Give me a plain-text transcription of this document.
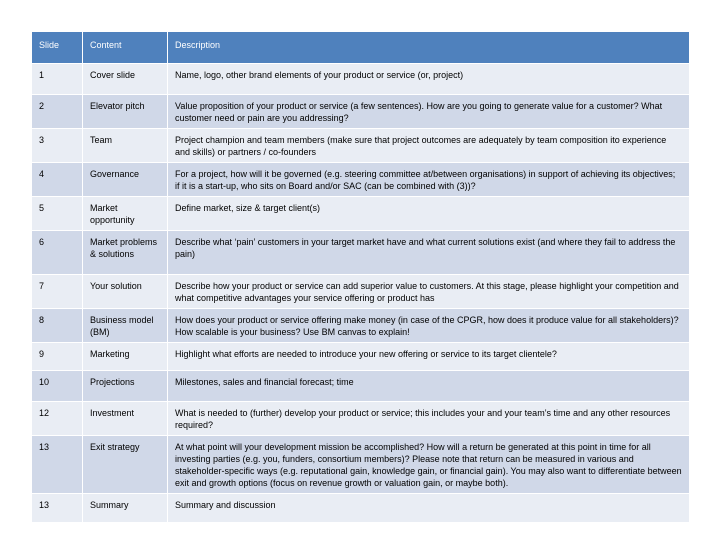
Slide	Content	Description
1	Cover slide	Name, logo, other brand elements of your product or service (or, project)
2	Elevator pitch	Value proposition of your product or service (a few sentences). How are you going to generate value for a customer? What customer need or pain are you addressing?
3	Team	Project champion and team members (make sure that project outcomes are adequately by team composition ito experience and skills) or partners / co-founders
4	Governance	For a project, how will it be governed (e.g. steering committee at/between organisations) in support of achieving its objectives; if it is a start-up, who sits on Board and/or SAC (can be combined with (3))?
5	Market opportunity	Define market, size & target client(s)
6	Market problems & solutions	Describe what ‘pain’ customers in your target market have and what current solutions exist (and where they fail to address the pain)
7	Your solution	Describe how your product or service can add superior value to customers. At this stage, please highlight your competition and what competitive advantages your service offering or product has
8	Business model (BM)	How does your product or service offering make money (in case of the CPGR, how does it produce value for all stakeholders)? How scalable is your business? Use BM canvas to explain!
9	Marketing	Highlight what efforts are needed to introduce your new offering or service to its target clientele?
10	Projections	Milestones, sales and financial forecast; time
12	Investment	What is needed to (further) develop your product or service; this includes your and your team’s time and any other resources required?
13	Exit strategy	At what point will your development mission be accomplished? How will a return be generated at this point in time for all investing parties (e.g. you, funders, consortium members)? Please note that return can be measured in various and stakeholder-specific ways (e.g. reputational gain, knowledge gain, or financial gain). You may also want to differentiate between exit and growth options (focus on revenue growth or valuation gain, or maybe both).
13	Summary	Summary and discussion
